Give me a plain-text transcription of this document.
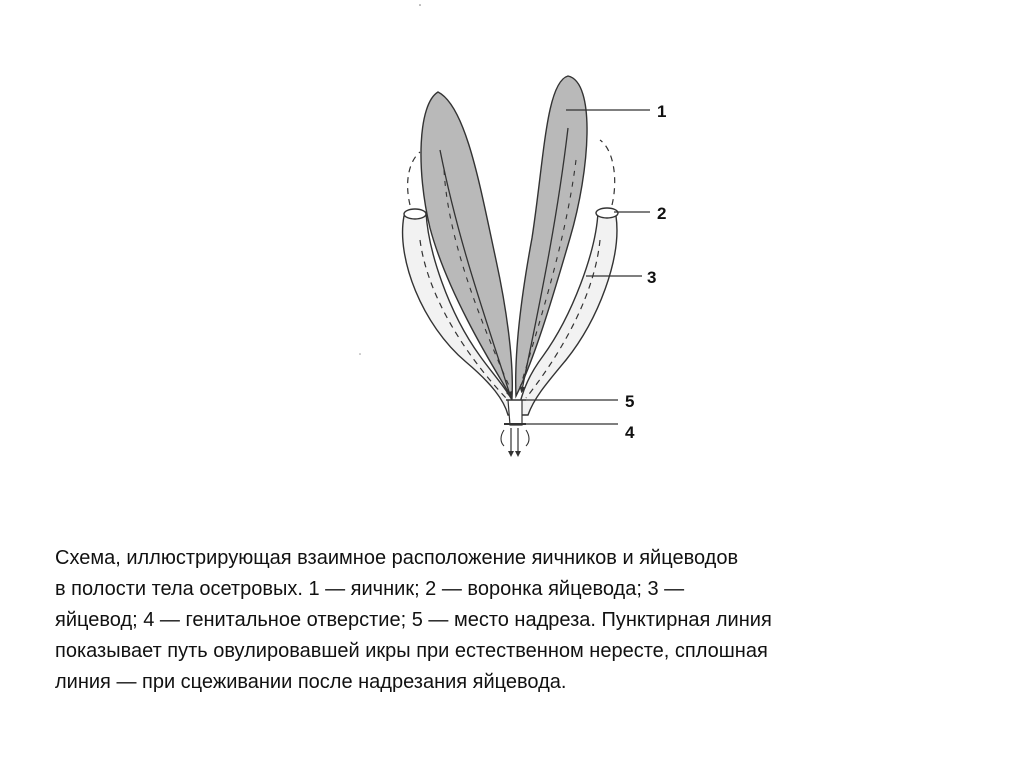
1
2
3
4
5

Схема, иллюстрирующая взаимное расположение яичников и яйцеводов
в полости тела осетровых. 1 — яичник; 2 — воронка яйцевода; 3 —
яйцевод; 4 — генитальное отверстие; 5 — место надреза. Пунктирная линия
показывает путь овулировавшей икры при естественном нересте, сплошная
линия — при сцеживании после надрезания яйцевода.
